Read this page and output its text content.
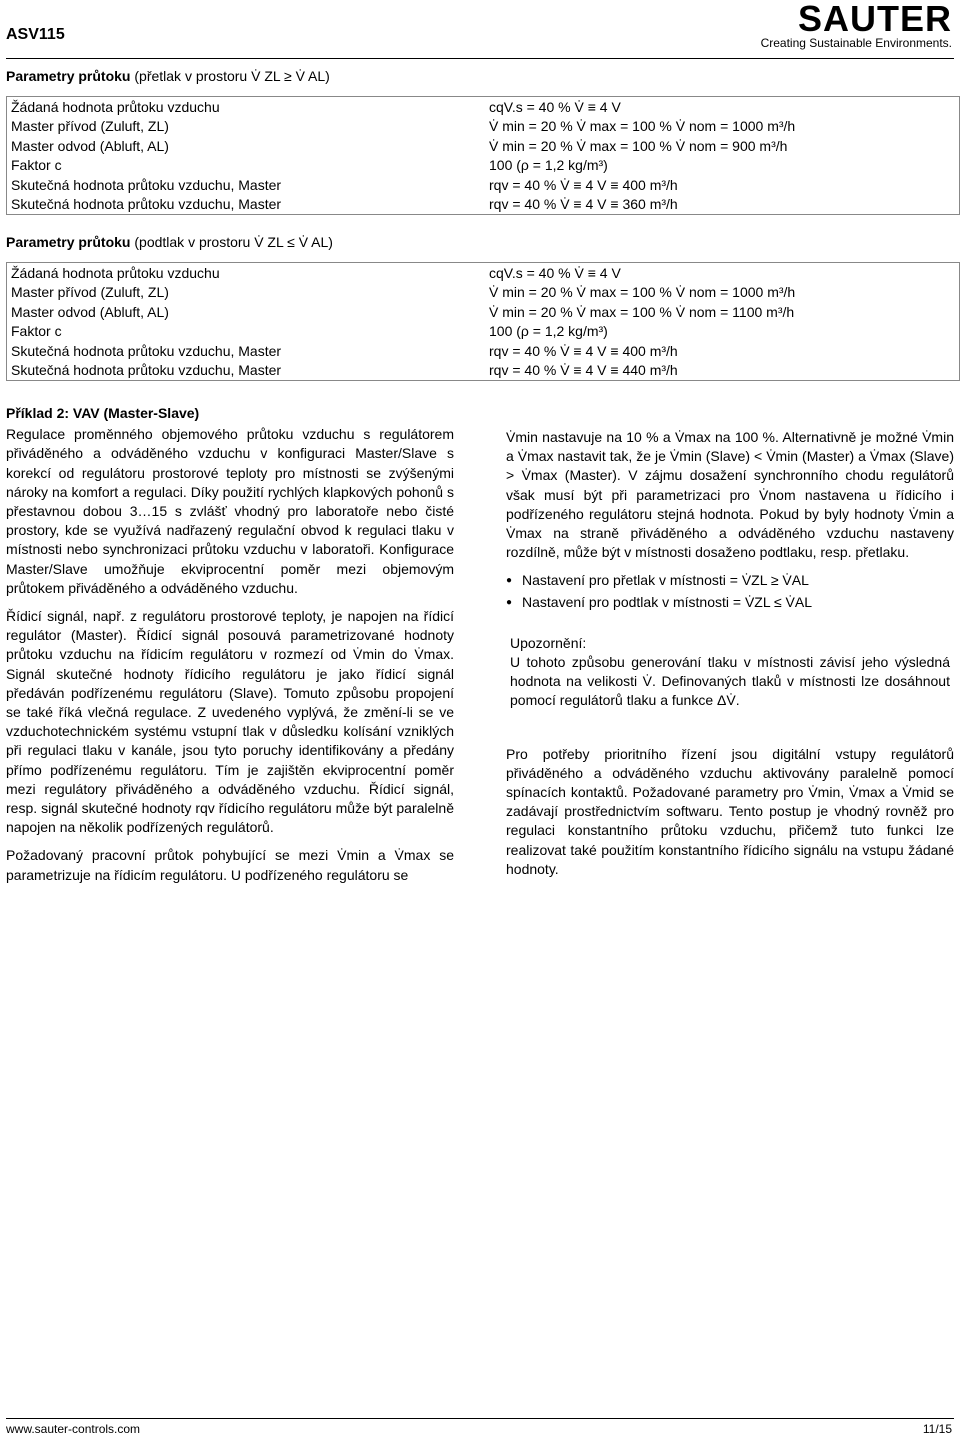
ASV115	SAUTER
Creating Sustainable Environments.
Parametry průtoku (přetlak v prostoru V̇ ZL ≥ V̇ AL)
Žádaná hodnota průtoku vzduchu	cqV.s = 40 % V̇ ≡ 4 V
Master přívod (Zuluft, ZL)	V̇ min = 20 % V̇ max = 100 % V̇ nom = 1000 m³/h
Master odvod (Abluft, AL)	V̇ min = 20 % V̇ max = 100 % V̇ nom = 900 m³/h
Faktor c	100 (ρ = 1,2 kg/m³)
Skutečná hodnota průtoku vzduchu, Master	rqv = 40 % V̇ ≡ 4 V ≡ 400 m³/h
Skutečná hodnota průtoku vzduchu, Master	rqv = 40 % V̇ ≡ 4 V ≡ 360 m³/h
Parametry průtoku (podtlak v prostoru V̇ ZL ≤ V̇ AL)
Žádaná hodnota průtoku vzduchu	cqV.s = 40 % V̇ ≡ 4 V
Master přívod (Zuluft, ZL)	V̇ min = 20 % V̇ max = 100 % V̇ nom = 1000 m³/h
Master odvod (Abluft, AL)	V̇ min = 20 % V̇ max = 100 % V̇ nom = 1100 m³/h
Faktor c	100 (ρ = 1,2 kg/m³)
Skutečná hodnota průtoku vzduchu, Master	rqv = 40 % V̇ ≡ 4 V ≡ 400 m³/h
Skutečná hodnota průtoku vzduchu, Master	rqv = 40 % V̇ ≡ 4 V ≡ 440 m³/h
Příklad 2: VAV (Master-Slave)

Regulace proměnného objemového průtoku vzduchu s regulátorem přiváděného a odváděného vzduchu v konfiguraci Master/Slave s korekcí od regulátoru prostorové teploty pro místnosti se zvýšenými nároky na komfort a regulaci. Díky použití rychlých klapkových pohonů s přestavnou dobou 3…15 s zvlášť vhodný pro laboratoře nebo čisté prostory, kde se využívá nadřazený regulační obvod k regulaci tlaku v místnosti nebo synchronizaci průtoku vzduchu v laboratoři. Konfigurace Master/Slave umožňuje ekviprocentní poměr mezi objemovým průtokem přiváděného a odváděného vzduchu.

Řídicí signál, např. z regulátoru prostorové teploty, je napojen na řídicí regulátor (Master). Řídicí signál posouvá parametrizované hodnoty průtoku vzduchu na řídicím regulátoru v rozmezí od V̇min do V̇max. Signál skutečné hodnoty řídicího regulátoru je jako řídicí signál předáván podřízenému regulátoru (Slave). Tomuto způsobu propojení se také říká vlečná regulace. Z uvedeného vyplývá, že změní-li se ve vzduchotechnickém systému vstupní tlak v důsledku kolísání vzniklých při regulaci tlaku v kanále, jsou tyto poruchy identifikovány a předány přímo podřízenému regulátoru. Tím je zajištěn ekviprocentní poměr mezi regulátory přiváděného a odváděného vzduchu. Řídicí signál, resp. signál skutečné hodnoty rqv řídicího regulátoru může být paralelně napojen na několik podřízených regulátorů.

Požadovaný pracovní průtok pohybující se mezi V̇min a V̇max se parametrizuje na řídicím regulátoru. U podřízeného regulátoru se

V̇min nastavuje na 10 % a V̇max na 100 %. Alternativně je možné V̇min a V̇max nastavit tak, že je V̇min (Slave) < V̇min (Master) a V̇max (Slave) > V̇max (Master). V zájmu dosažení synchronního chodu regulátorů však musí být při parametrizaci pro V̇nom nastavena u řídicího i podřízeného regulátoru stejná hodnota. Pokud by byly hodnoty V̇min a V̇max na straně přiváděného a odváděného vzduchu nastaveny rozdílně, může být v místnosti dosaženo podtlaku, resp. přetlaku.

● Nastavení pro přetlak v místnosti = V̇ZL ≥ V̇AL
● Nastavení pro podtlak v místnosti = V̇ZL ≤ V̇AL
Upozornění:
U tohoto způsobu generování tlaku v místnosti závisí jeho výsledná hodnota na velikosti V̇. Definovaných tlaků v místnosti lze dosáhnout pomocí regulátorů tlaku a funkce ΔV̇.

Pro potřeby prioritního řízení jsou digitální vstupy regulátorů přiváděného a odváděného vzduchu aktivovány paralelně pomocí spínacích kontaktů. Požadované parametry pro V̇min, V̇max a V̇mid se zadávají prostřednictvím softwaru. Tento postup je vhodný rovněž pro regulaci konstantního průtoku vzduchu, přičemž tuto funkci lze realizovat také použitím konstantního řídicího signálu na vstupu žádané hodnoty.

www.sauter-controls.com	11/15
